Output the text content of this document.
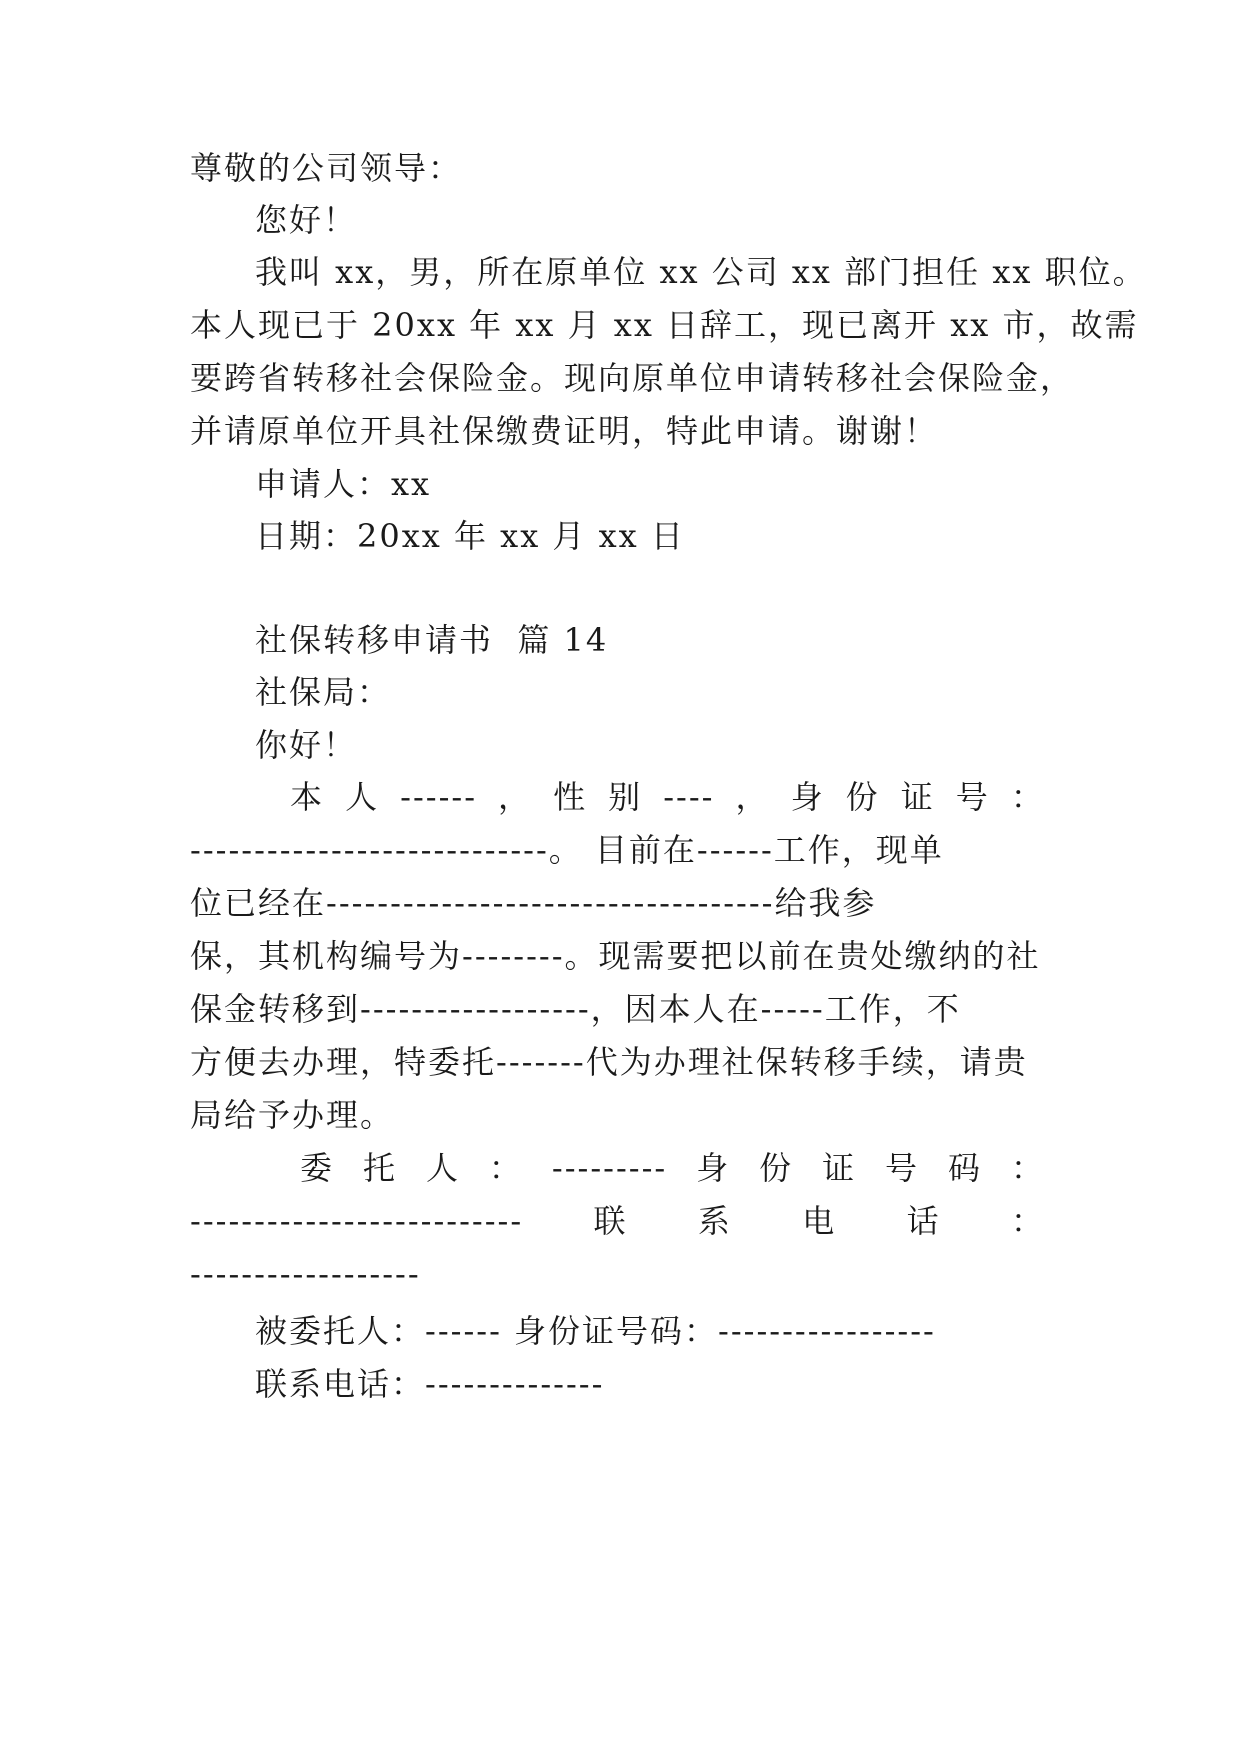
尊敬的公司领导：
您好！
我叫 xx，男，所在原单位 xx 公司 xx 部门担任 xx 职位。
本人现已于 20xx 年 xx 月 xx 日辞工，现已离开 xx 市，故需
要跨省转移社会保险金。现向原单位申请转移社会保险金，
并请原单位开具社保缴费证明，特此申请。谢谢！
申请人：xx
日期：20xx 年 xx 月 xx 日
社保转移申请书  篇 14
社保局：
你好！
本 人 ------ ， 性 别 ---- ， 身 份 证 号 ：
----------------------------。 目前在------工作，现单
位已经在-----------------------------------给我参
保，其机构编号为--------。现需要把以前在贵处缴纳的社
保金转移到------------------，因本人在-----工作，不
方便去办理，特委托-------代为办理社保转移手续，请贵
局给予办理。
委 托 人 ： --------- 身 份 证 号 码 ：
-------------------------- 联 系 电 话 ：
------------------
被委托人：------ 身份证号码：-----------------
联系电话：--------------
